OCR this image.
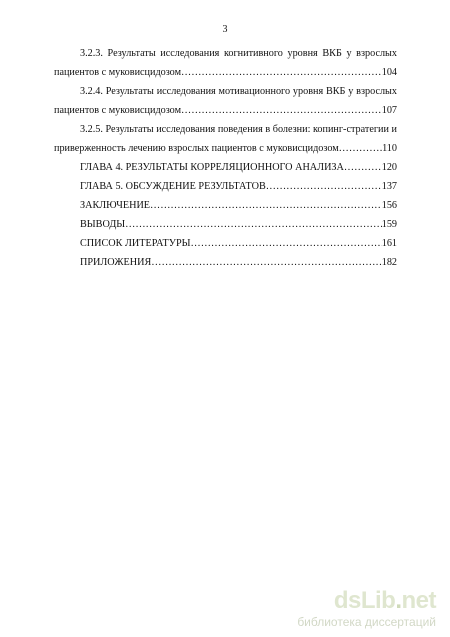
3
3.2.3. Результаты исследования когнитивного уровня ВКБ у взрослых
пациентов с муковисцидозом ………………………………………………………………………………………………………………………………………………	104
3.2.4. Результаты исследования мотивационного уровня ВКБ у взрослых
пациентов с муковисцидозом ………………………………………………………………………………………………………………………………………………	107
3.2.5. Результаты исследования поведения в болезни: копинг-стратегии и
приверженность лечению взрослых пациентов с муковисцидозом ………………………………………………………………………………………………………………………………………………	110
ГЛАВА 4. РЕЗУЛЬТАТЫ КОРРЕЛЯЦИОННОГО АНАЛИЗА ………………………………………………………………………………………………………………………………………………	120
ГЛАВА 5. ОБСУЖДЕНИЕ РЕЗУЛЬТАТОВ ………………………………………………………………………………………………………………………………………………	137
ЗАКЛЮЧЕНИЕ ………………………………………………………………………………………………………………………………………………	156
ВЫВОДЫ ………………………………………………………………………………………………………………………………………………	159
СПИСОК ЛИТЕРАТУРЫ ………………………………………………………………………………………………………………………………………………	161
ПРИЛОЖЕНИЯ ………………………………………………………………………………………………………………………………………………	182
dsLib.net
библиотека диссертаций
